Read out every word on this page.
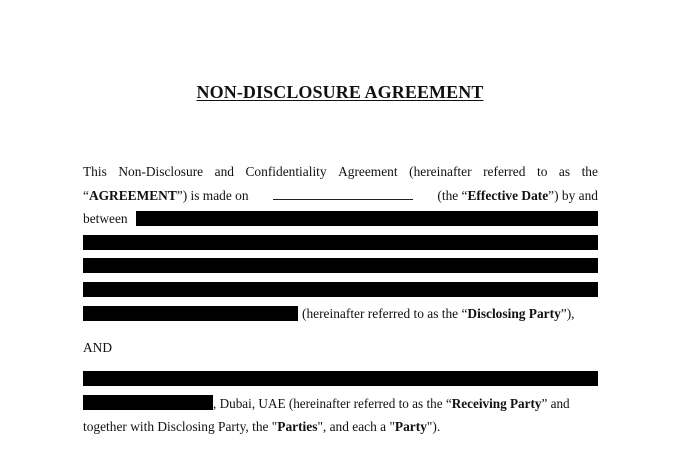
NON-DISCLOSURE AGREEMENT
This Non-Disclosure and Confidentiality Agreement (hereinafter referred to as the
“AGREEMENT”) is made on	(the “Effective Date”) by and
between
(hereinafter referred to as the “Disclosing Party”),
AND
, Dubai, UAE (hereinafter referred to as the “Receiving Party” and
together with Disclosing Party, the "Parties", and each a "Party").
